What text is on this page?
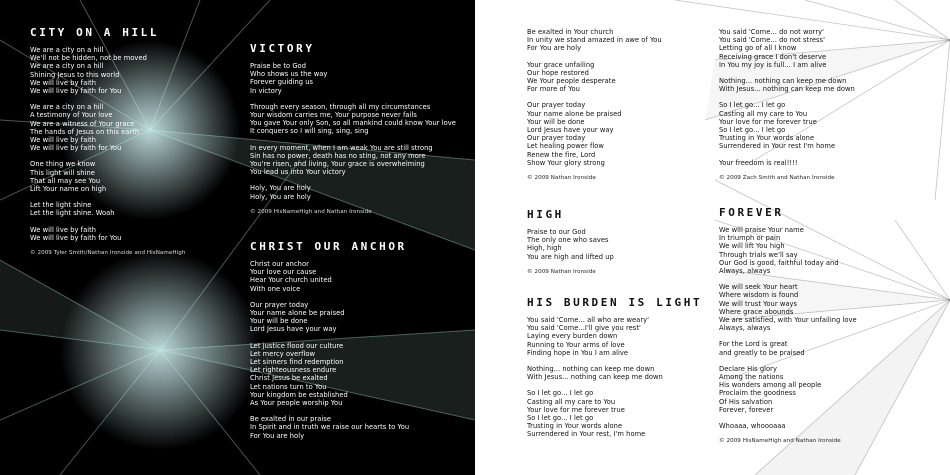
CITY ON A HILL
We are a city on a hill
We'll not be hidden, not be moved
We are a city on a hill
Shining Jesus to this world
We will live by faith
We will live by faith for You
We are a city on a hill
A testimony of Your love
We are a witness of Your grace
The hands of Jesus on this earth
We will live by faith
We will live by faith for You
One thing we know
This light will shine
That all may see You
Lift Your name on high
Let the light shine
Let the light shine. Woah
We will live by faith
We will live by faith for You
© 2009 Tyler Smith/Nathan Ironside and HisNameHigh
VICTORY
Praise be to God
Who shows us the way
Forever guiding us
In victory
Through every season, through all my circumstances
Your wisdom carries me, Your purpose never fails
You gave Your only Son, so all mankind could know Your love
It conquers so I will sing, sing, sing
In every moment, when I am weak You are still strong
Sin has no power, death has no sting, not any more
You're risen, and living, Your grace is overwhelming
You lead us into Your victory
Holy, You are holy
Holy, You are holy
© 2009 HisNameHigh and Nathan Ironside
CHRIST OUR ANCHOR
Christ our anchor
Your love our cause
Hear Your church united
With one voice
Our prayer today
Your name alone be praised
Your will be done
Lord Jesus have your way
Let justice flood our culture
Let mercy overflow
Let sinners find redemption
Let righteousness endure
Christ Jesus be exalted
Let nations turn to You
Your kingdom be established
As Your people worship You
Be exalted in our praise
In Spirit and in truth we raise our hearts to You
For You are holy
Be exalted in Your church
In unity we stand amazed in awe of You
For You are holy
Your grace unfailing
Our hope restored
We Your people desperate
For more of You
Our prayer today
Your name alone be praised
Your will be done
Lord Jesus have your way
Our prayer today
Let healing power flow
Renew the fire, Lord
Show Your glory strong
© 2009 Nathan Ironside
HIGH
Praise to our God
The only one who saves
High, high
You are high and lifted up
© 2009 Nathan Ironside
HIS BURDEN IS LIGHT
You said 'Come... all who are weary'
You said 'Come...I'll give you rest'
Laying every burden down
Running to Your arms of love
Finding hope in You I am alive
Nothing... nothing can keep me down
With Jesus... nothing can keep me down
So I let go... I let go
Casting all my care to You
Your love for me forever true
So I let go... I let go
Trusting in Your words alone
Surrendered in Your rest, I'm home
You said 'Come... do not worry'
You said 'Come... do not stress'
Letting go of all I know
Receiving grace I don't deserve
In You my joy is full... I am alive
Nothing... nothing can keep me down
With Jesus... nothing can keep me down
So I let go... I let go
Casting all my care to You
Your love for me forever true
So I let go... I let go
Trusting in Your words alone
Surrendered in Your rest I'm home
Your freedom is real!!!!
© 2009 Zach Smith and Nathan Ironside
FOREVER
We will praise Your name
In triumph or pain
We will lift You high
Through trials we'll say
Our God is good, faithful today and
Always, always
We will seek Your heart
Where wisdom is found
We will trust Your ways
Where grace abounds
We are satisfied, with Your unfailing love
Always, always
For the Lord is great
and greatly to be praised
Declare His glory
Among the nations
His wonders among all people
Proclaim the goodness
Of His salvation
Forever, forever
Whoaaa, whoooaaa
© 2009 HisNameHigh and Nathan Ironside
